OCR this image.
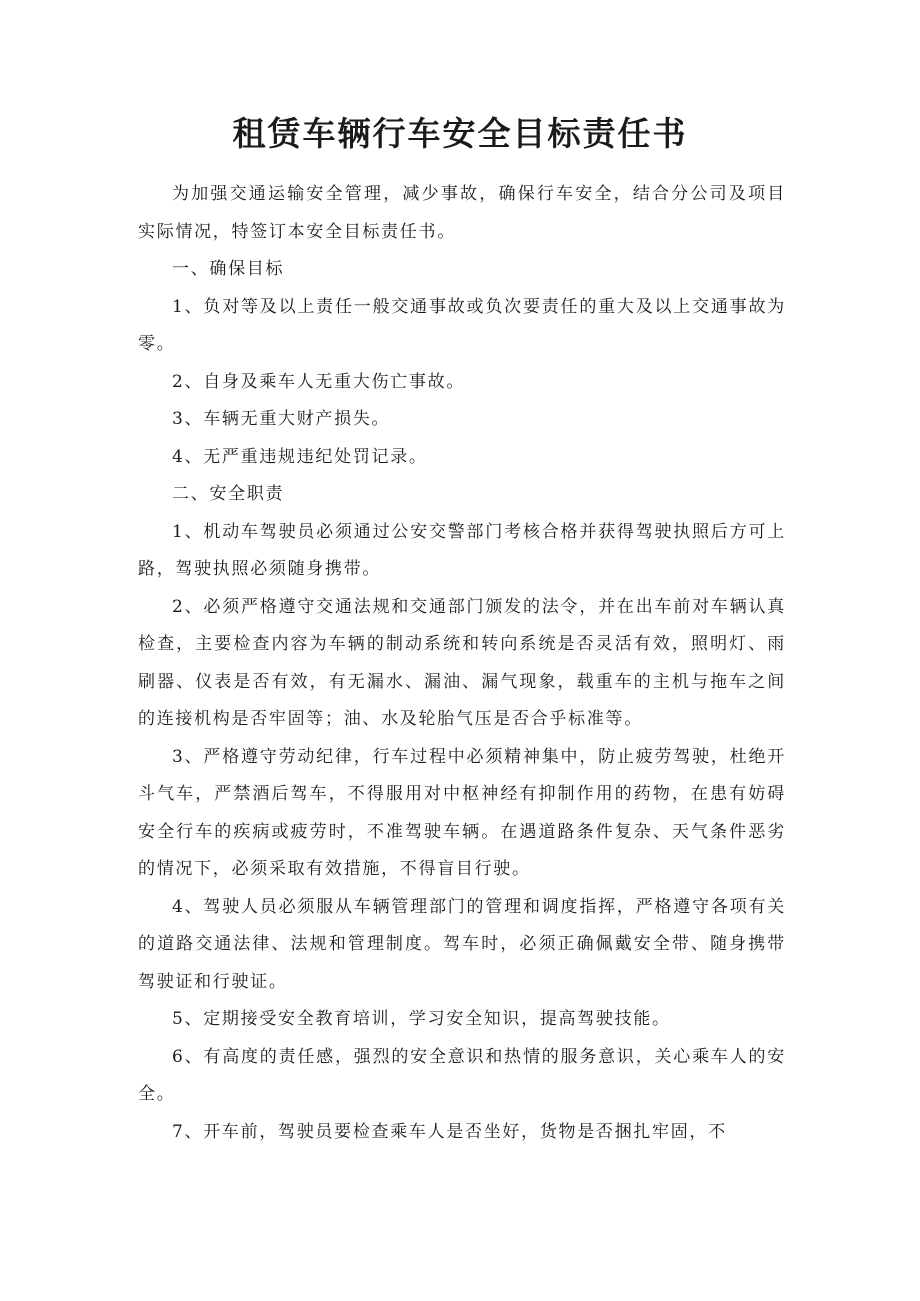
租赁车辆行车安全目标责任书

为加强交通运输安全管理，减少事故，确保行车安全，结合分公司及项目实际情况，特签订本安全目标责任书。

一、确保目标

1、负对等及以上责任一般交通事故或负次要责任的重大及以上交通事故为零。

2、自身及乘车人无重大伤亡事故。

3、车辆无重大财产损失。

4、无严重违规违纪处罚记录。

二、安全职责

1、机动车驾驶员必须通过公安交警部门考核合格并获得驾驶执照后方可上路，驾驶执照必须随身携带。

2、必须严格遵守交通法规和交通部门颁发的法令，并在出车前对车辆认真检查，主要检查内容为车辆的制动系统和转向系统是否灵活有效，照明灯、雨刷器、仪表是否有效，有无漏水、漏油、漏气现象，载重车的主机与拖车之间的连接机构是否牢固等；油、水及轮胎气压是否合乎标准等。

3、严格遵守劳动纪律，行车过程中必须精神集中，防止疲劳驾驶，杜绝开斗气车，严禁酒后驾车，不得服用对中枢神经有抑制作用的药物，在患有妨碍安全行车的疾病或疲劳时，不准驾驶车辆。在遇道路条件复杂、天气条件恶劣的情况下，必须采取有效措施，不得盲目行驶。

4、驾驶人员必须服从车辆管理部门的管理和调度指挥，严格遵守各项有关的道路交通法律、法规和管理制度。驾车时，必须正确佩戴安全带、随身携带驾驶证和行驶证。

5、定期接受安全教育培训，学习安全知识，提高驾驶技能。

6、有高度的责任感，强烈的安全意识和热情的服务意识，关心乘车人的安全。

7、开车前，驾驶员要检查乘车人是否坐好，货物是否捆扎牢固，不
